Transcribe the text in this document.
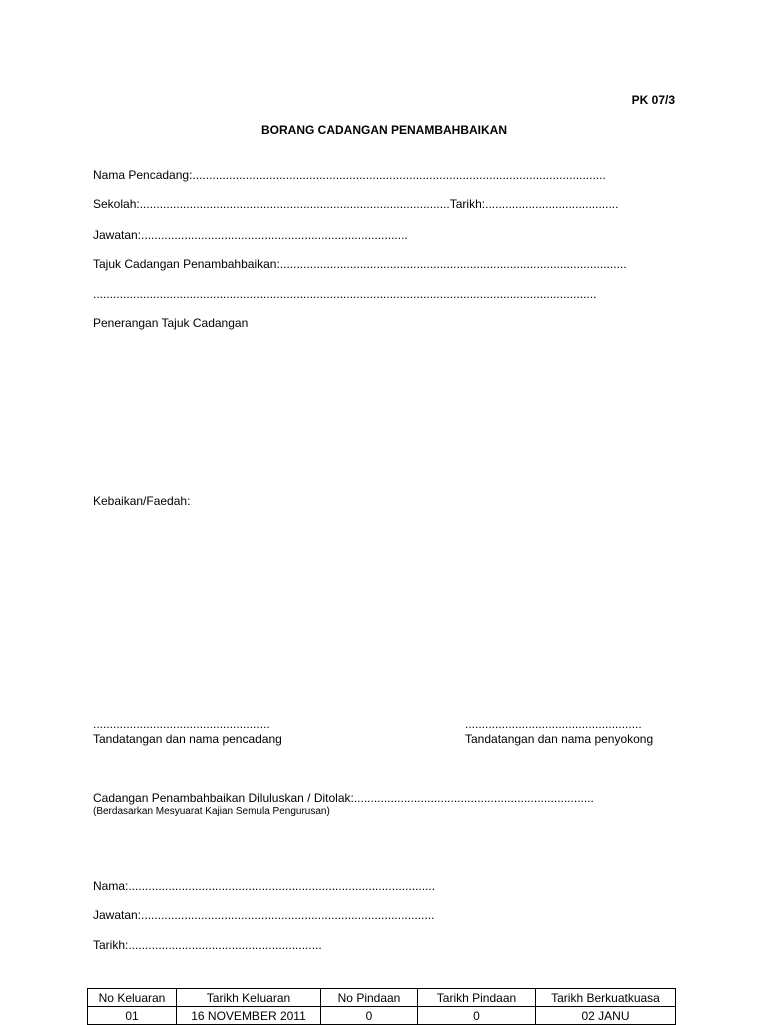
PK 07/3
BORANG CADANGAN PENAMBAHBAIKAN
Nama Pencadang:............................................................................................................................
Sekolah:.............................................................................................Tarikh:........................................
Jawatan:................................................................................
Tajuk Cadangan Penambahbaikan:........................................................................................................
.......................................................................................................................................................
Penerangan Tajuk Cadangan
Kebaikan/Faedah:
.....................................................
Tandatangan dan nama pencadang
.....................................................
Tandatangan dan nama penyokong
Cadangan Penambahbaikan Diluluskan / Ditolak:........................................................................
(Berdasarkan Mesyuarat Kajian Semula Pengurusan)
Nama:............................................................................................
Jawatan:........................................................................................
Tarikh:..........................................................
No Keluaran	Tarikh Keluaran	No Pindaan	Tarikh Pindaan	Tarikh Berkuatkuasa
01	16 NOVEMBER 2011	0	0	02 JANU
